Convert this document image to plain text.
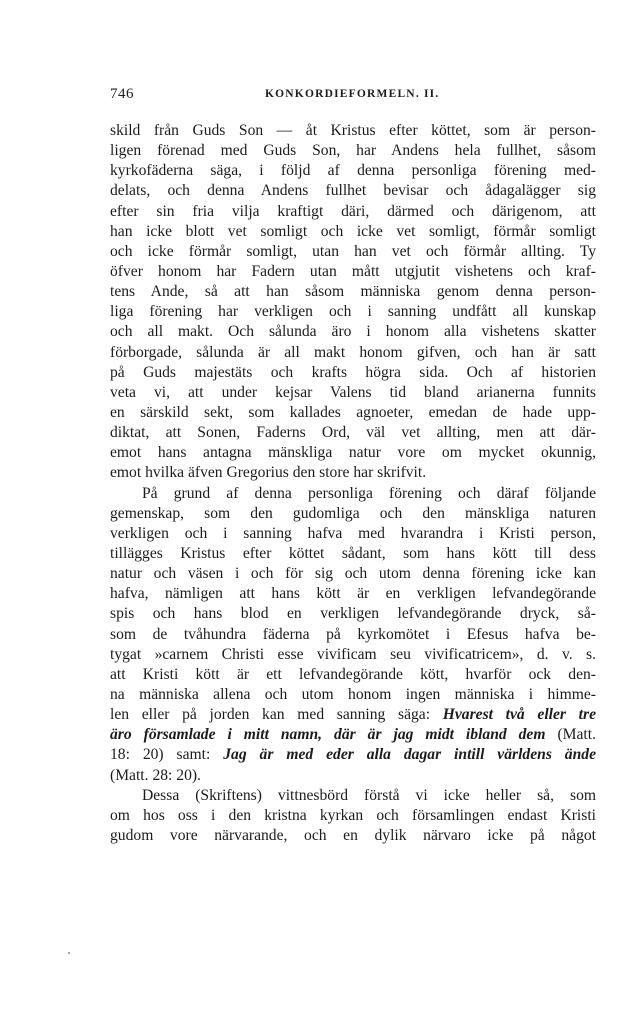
746	KONKORDIEFORMELN. II.
skild från Guds Son — åt Kristus efter köttet, som är person-
ligen förenad med Guds Son, har Andens hela fullhet, såsom
kyrkofäderna säga, i följd af denna personliga förening med-
delats, och denna Andens fullhet bevisar och ådagalägger sig
efter sin fria vilja kraftigt däri, därmed och därigenom, att
han icke blott vet somligt och icke vet somligt, förmår somligt
och icke förmår somligt, utan han vet och förmår allting. Ty
öfver honom har Fadern utan mått utgjutit vishetens och kraf-
tens Ande, så att han såsom människa genom denna person-
liga förening har verkligen och i sanning undfått all kunskap
och all makt. Och sålunda äro i honom alla vishetens skatter
förborgade, sålunda är all makt honom gifven, och han är satt
på Guds majestäts och krafts högra sida. Och af historien
veta vi, att under kejsar Valens tid bland arianerna funnits
en särskild sekt, som kallades agnoeter, emedan de hade upp-
diktat, att Sonen, Faderns Ord, väl vet allting, men att där-
emot hans antagna mänskliga natur vore om mycket okunnig,
emot hvilka äfven Gregorius den store har skrifvit.
På grund af denna personliga förening och däraf följande
gemenskap, som den gudomliga och den mänskliga naturen
verkligen och i sanning hafva med hvarandra i Kristi person,
tillägges Kristus efter köttet sådant, som hans kött till dess
natur och väsen i och för sig och utom denna förening icke kan
hafva, nämligen att hans kött är en verkligen lefvandegörande
spis och hans blod en verkligen lefvandegörande dryck, så-
som de tvåhundra fäderna på kyrkomötet i Efesus hafva be-
tygat »carnem Christi esse vivificam seu vivificatricem», d. v. s.
att Kristi kött är ett lefvandegörande kött, hvarför ock den-
na människa allena och utom honom ingen människa i himme-
len eller på jorden kan med sanning säga: Hvarest två eller tre
äro församlade i mitt namn, där är jag midt ibland dem (Matt.
18: 20) samt: Jag är med eder alla dagar intill världens ände
(Matt. 28: 20).
Dessa (Skriftens) vittnesbörd förstå vi icke heller så, som
om hos oss i den kristna kyrkan och församlingen endast Kristi
gudom vore närvarande, och en dylik närvaro icke på något
